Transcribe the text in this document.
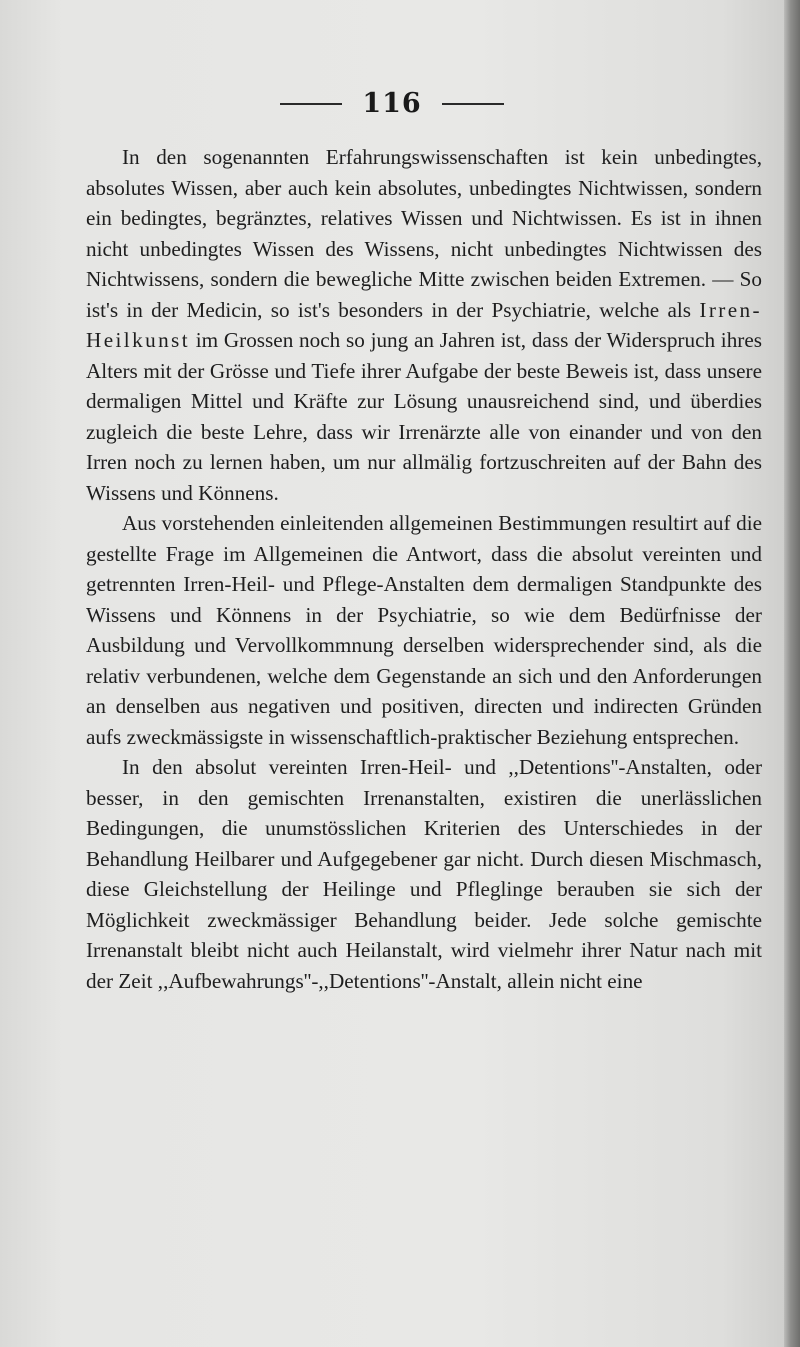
116

In den sogenannten Erfahrungswissenschaften ist kein unbedingtes, absolutes Wissen, aber auch kein absolutes, unbedingtes Nichtwissen, sondern ein bedingtes, begränztes, relatives Wissen und Nichtwissen. Es ist in ihnen nicht unbedingtes Wissen des Wissens, nicht unbedingtes Nichtwissen des Nichtwissens, sondern die bewegliche Mitte zwischen beiden Extremen. — So ist's in der Medicin, so ist's besonders in der Psychiatrie, welche als Irren-Heilkunst im Grossen noch so jung an Jahren ist, dass der Widerspruch ihres Alters mit der Grösse und Tiefe ihrer Aufgabe der beste Beweis ist, dass unsere dermaligen Mittel und Kräfte zur Lösung unausreichend sind, und überdies zugleich die beste Lehre, dass wir Irrenärzte alle von einander und von den Irren noch zu lernen haben, um nur allmälig fortzuschreiten auf der Bahn des Wissens und Könnens.

Aus vorstehenden einleitenden allgemeinen Bestimmungen resultirt auf die gestellte Frage im Allgemeinen die Antwort, dass die absolut vereinten und getrennten Irren-Heil- und Pflege-Anstalten dem dermaligen Standpunkte des Wissens und Könnens in der Psychiatrie, so wie dem Bedürfnisse der Ausbildung und Vervollkommnung derselben widersprechender sind, als die relativ verbundenen, welche dem Gegenstande an sich und den Anforderungen an denselben aus negativen und positiven, directen und indirecten Gründen aufs zweckmässigste in wissenschaftlich-praktischer Beziehung entsprechen.

In den absolut vereinten Irren-Heil- und ,,Detentions''-Anstalten, oder besser, in den gemischten Irrenanstalten, existiren die unerlässlichen Bedingungen, die unumstösslichen Kriterien des Unterschiedes in der Behandlung Heilbarer und Aufgegebener gar nicht. Durch diesen Mischmasch, diese Gleichstellung der Heilinge und Pfleglinge berauben sie sich der Möglichkeit zweckmässiger Behandlung beider. Jede solche gemischte Irrenanstalt bleibt nicht auch Heilanstalt, wird vielmehr ihrer Natur nach mit der Zeit ,,Aufbewahrungs''-,,Detentions''-Anstalt, allein nicht eine
